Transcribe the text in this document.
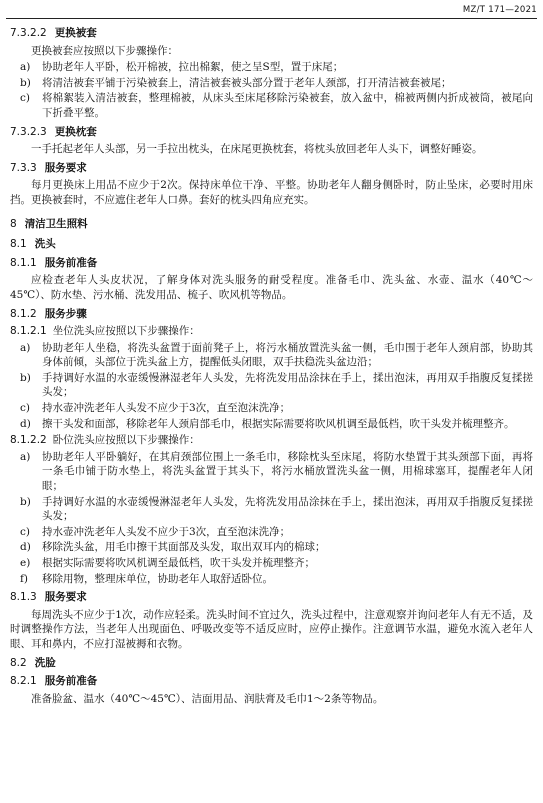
MZ/T 171—2021
7.3.2.2 更换被套
更换被套应按照以下步骤操作：
a)	协助老年人平卧，松开棉被，拉出棉絮，使之呈S型，置于床尾；
b)	将清洁被套平铺于污染被套上，清洁被套被头部分置于老年人颈部，打开清洁被套被尾；
c)	将棉絮装入清洁被套，整理棉被，从床头至床尾移除污染被套，放入盆中，棉被两侧内折成被筒，被尾向下折叠平整。
7.3.2.3 更换枕套
一手托起老年人头部，另一手拉出枕头，在床尾更换枕套，将枕头放回老年人头下，调整好睡姿。
7.3.3 服务要求
每月更换床上用品不应少于2次。保持床单位干净、平整。协助老年人翻身侧卧时，防止坠床，必要时用床挡。更换被套时，不应遮住老年人口鼻。套好的枕头四角应充实。
8 清洁卫生照料
8.1 洗头
8.1.1 服务前准备
应检查老年人头皮状况，了解身体对洗头服务的耐受程度。准备毛巾、洗头盆、水壶、温水（40℃～45℃）、防水垫、污水桶、洗发用品、梳子、吹风机等物品。
8.1.2 服务步骤
8.1.2.1 坐位洗头应按照以下步骤操作：
a)	协助老年人坐稳，将洗头盆置于面前凳子上，将污水桶放置洗头盆一侧，毛巾围于老年人颈肩部，协助其身体前倾，头部位于洗头盆上方，提醒低头闭眼，双手扶稳洗头盆边沿；
b)	手持调好水温的水壶缓慢淋湿老年人头发，先将洗发用品涂抹在手上，揉出泡沫，再用双手指腹反复揉搓头发；
c)	持水壶冲洗老年人头发不应少于3次，直至泡沫洗净；
d)	擦干头发和面部，移除老年人颈肩部毛巾，根据实际需要将吹风机调至最低档，吹干头发并梳理整齐。
8.1.2.2 卧位洗头应按照以下步骤操作：
a)	协助老年人平卧躺好，在其肩颈部位围上一条毛巾，移除枕头至床尾，将防水垫置于其头颈部下面，再将一条毛巾铺于防水垫上，将洗头盆置于其头下，将污水桶放置洗头盆一侧，用棉球塞耳，提醒老年人闭眼；
b)	手持调好水温的水壶缓慢淋湿老年人头发，先将洗发用品涂抹在手上，揉出泡沫，再用双手指腹反复揉搓头发；
c)	持水壶冲洗老年人头发不应少于3次，直至泡沫洗净；
d)	移除洗头盆，用毛巾擦干其面部及头发，取出双耳内的棉球；
e)	根据实际需要将吹风机调至最低档，吹干头发并梳理整齐；
f)	移除用物，整理床单位，协助老年人取舒适卧位。
8.1.3 服务要求
每周洗头不应少于1次，动作应轻柔。洗头时间不宜过久，洗头过程中，注意观察并询问老年人有无不适，及时调整操作方法，当老年人出现面色、呼吸改变等不适反应时，应停止操作。注意调节水温，避免水流入老年人眼、耳和鼻内，不应打湿被褥和衣物。
8.2 洗脸
8.2.1 服务前准备
准备脸盆、温水（40℃～45℃）、洁面用品、润肤膏及毛巾1～2条等物品。
